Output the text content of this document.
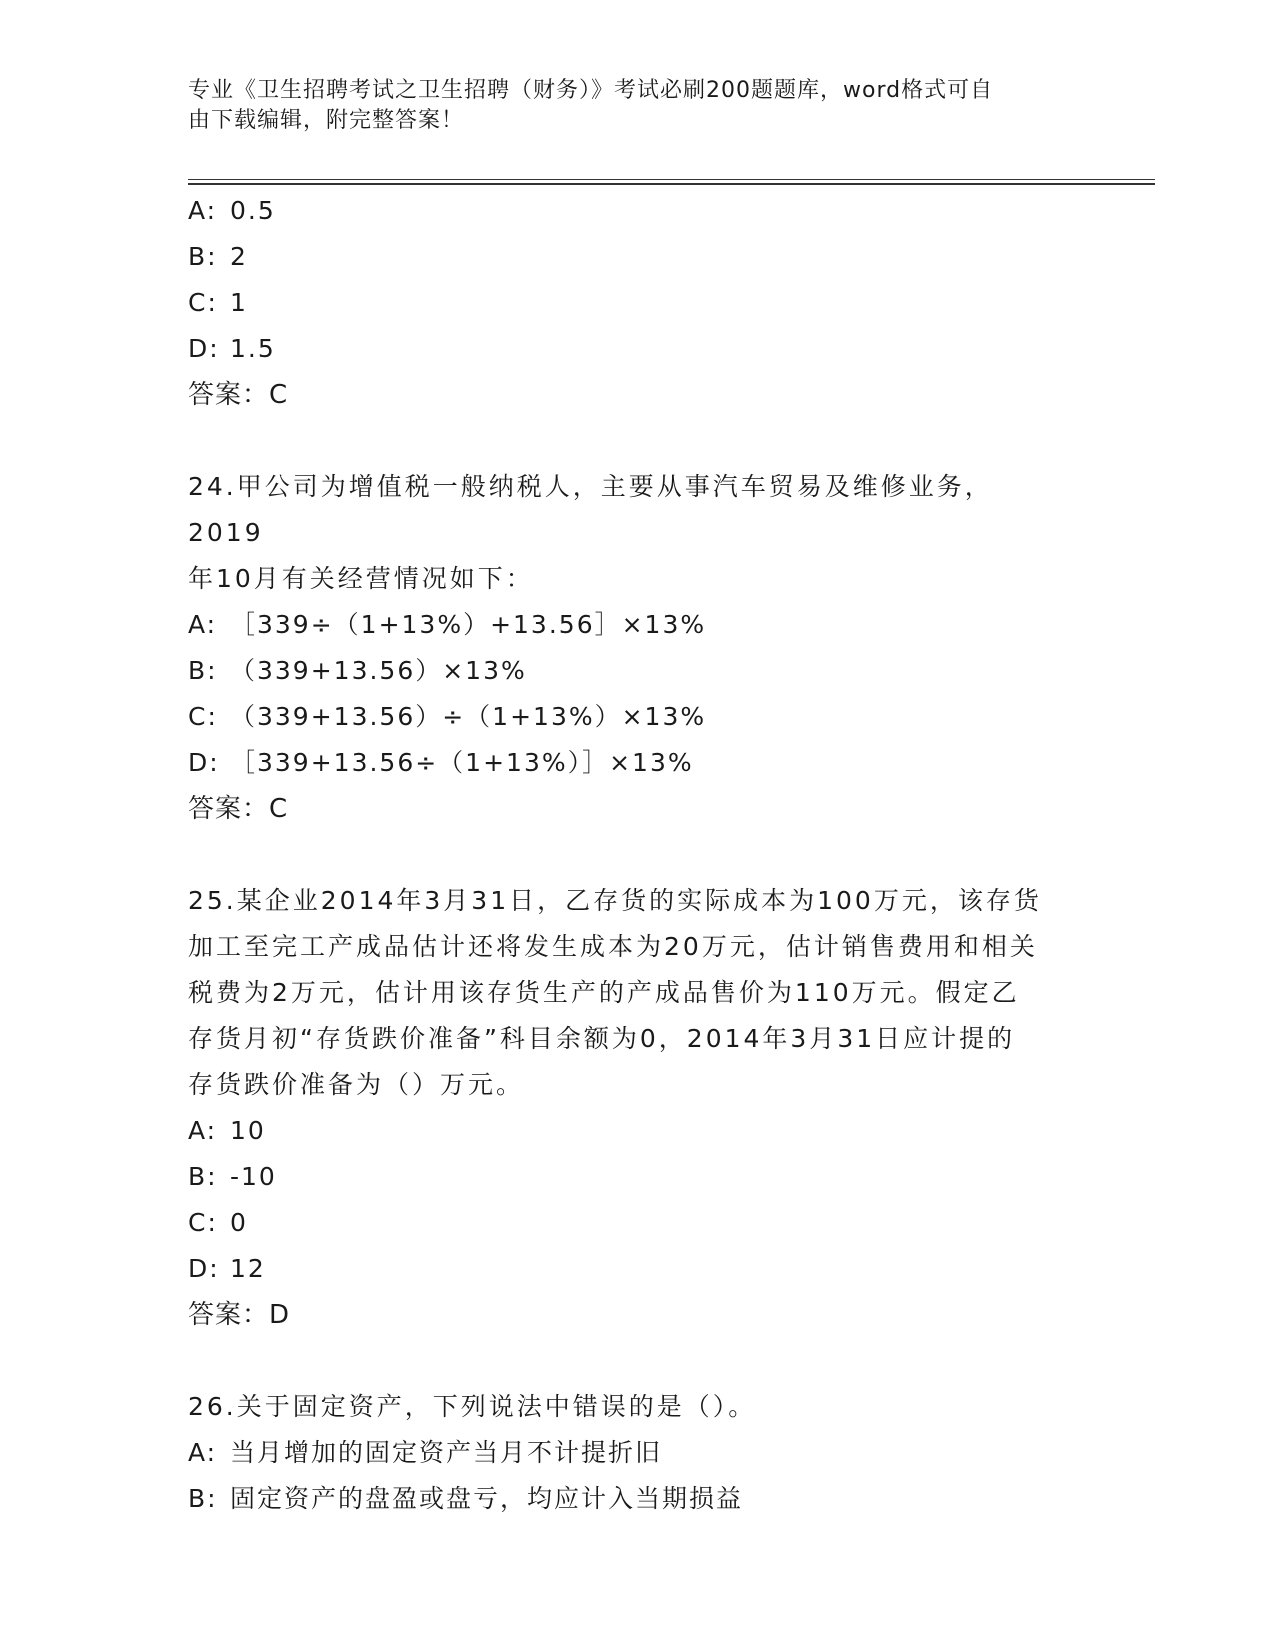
专业《卫生招聘考试之卫生招聘（财务）》考试必刷200题题库，word格式可自
由下载编辑，附完整答案！
A: 0.5
B: 2
C: 1
D: 1.5
答案：C
24.甲公司为增值税一般纳税人，主要从事汽车贸易及维修业务，2019
年10月有关经营情况如下：
A: ［339÷（1+13%）+13.56］×13%
B: （339+13.56）×13%
C: （339+13.56）÷（1+13%）×13%
D: ［339+13.56÷（1+13%）］×13%
答案：C
25.某企业2014年3月31日，乙存货的实际成本为100万元，该存货
加工至完工产成品估计还将发生成本为20万元，估计销售费用和相关
税费为2万元，估计用该存货生产的产成品售价为110万元。假定乙
存货月初“存货跌价准备”科目余额为0，2014年3月31日应计提的
存货跌价准备为（）万元。
A: 10
B: -10
C: 0
D: 12
答案：D
26.关于固定资产，下列说法中错误的是（）。
A: 当月增加的固定资产当月不计提折旧
B: 固定资产的盘盈或盘亏，均应计入当期损益
